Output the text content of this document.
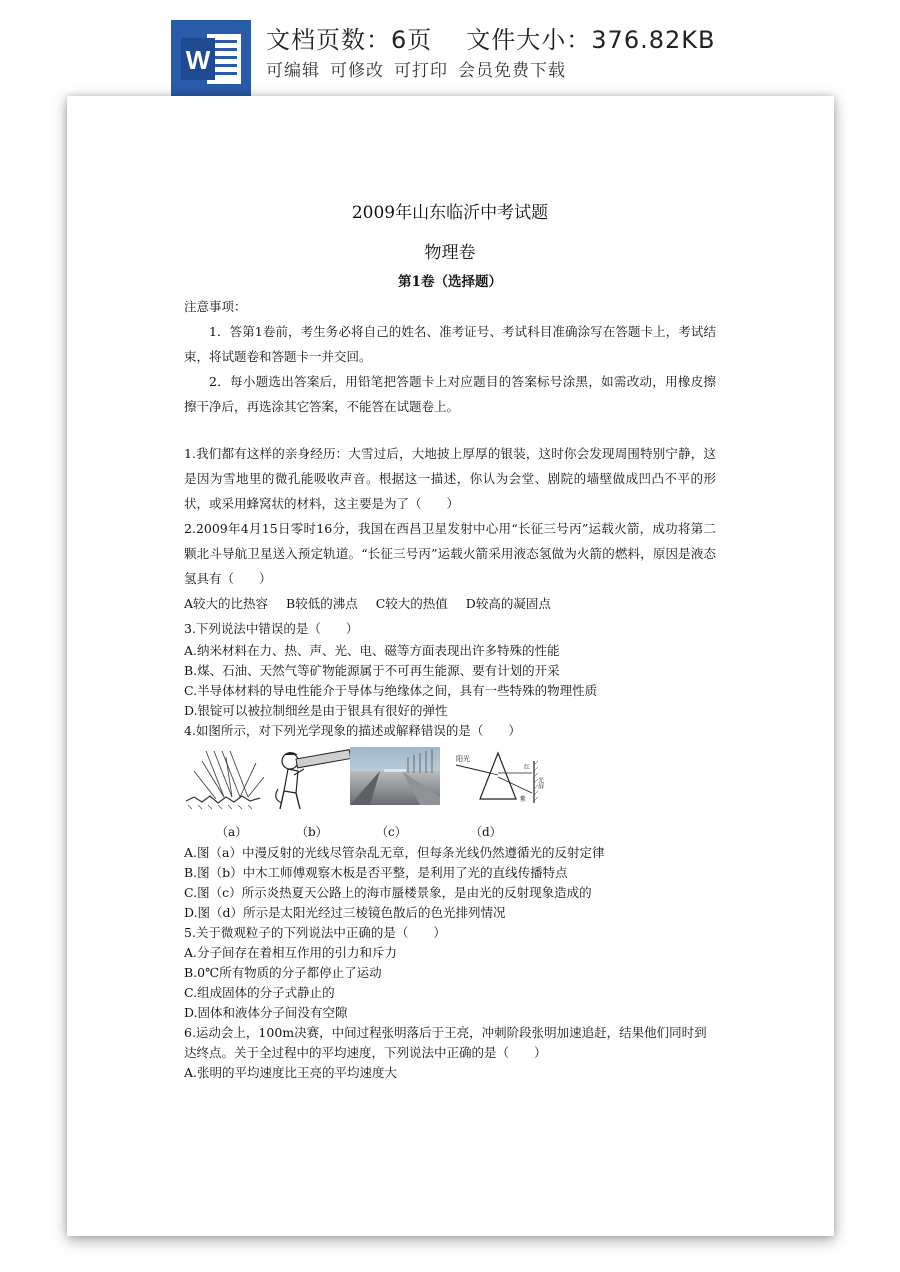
W
文档页数：6页 文件大小：376.82KB
可编辑 可修改 可打印 会员免费下载
2009年山东临沂中考试题
物理卷
第1卷（选择题）

注意事项：

1．答第1卷前，考生务必将自己的姓名、准考证号、考试科目准确涂写在答题卡上，考试结束，将试题卷和答题卡一并交回。

2．每小题选出答案后，用铅笔把答题卡上对应题目的答案标号涂黑，如需改动，用橡皮擦擦干净后，再选涂其它答案，不能答在试题卷上。

1.我们都有这样的亲身经历：大雪过后，大地披上厚厚的银装，这时你会发现周围特别宁静，这是因为雪地里的微孔能吸收声音。根据这一描述，你认为会堂、剧院的墙壁做成凹凸不平的形状，或采用蜂窝状的材料，这主要是为了（　　）

2.2009年4月15日零时16分，我国在西昌卫星发射中心用“长征三号丙”运载火箭，成功将第二颗北斗导航卫星送入预定轨道。“长征三号丙”运载火箭采用液态氢做为火箭的燃料，原因是液态氢具有（　　）

A较大的比热容 B较低的沸点 C较大的热值 D较高的凝固点

3.下列说法中错误的是（　　）

A.纳米材料在力、热、声、光、电、磁等方面表现出许多特殊的性能

B.煤、石油、天然气等矿物能源属于不可再生能源、要有计划的开采

C.半导体材料的导电性能介于导体与绝缘体之间，具有一些特殊的物理性质

D.银锭可以被拉制细丝是由于银具有很好的弹性

4.如图所示，对下列光学现象的描述或解释错误的是（　　）

阳光
红
紫
光屏
（a）	（b）	（c）	（d）

A.图（a）中漫反射的光线尽管杂乱无章，但每条光线仍然遵循光的反射定律

B.图（b）中木工师傅观察木板是否平整，是利用了光的直线传播特点

C.图（c）所示炎热夏天公路上的海市蜃楼景象，是由光的反射现象造成的

D.图（d）所示是太阳光经过三棱镜色散后的色光排列情况

5.关于微观粒子的下列说法中正确的是（　　）

A.分子间存在着相互作用的引力和斥力

B.0℃所有物质的分子都停止了运动

C.组成固体的分子式静止的

D.固体和液体分子间没有空隙

6.运动会上，100m决赛，中间过程张明落后于王亮，冲刺阶段张明加速追赶，结果他们同时到达终点。关于全过程中的平均速度，下列说法中正确的是（　　）

A.张明的平均速度比王亮的平均速度大
